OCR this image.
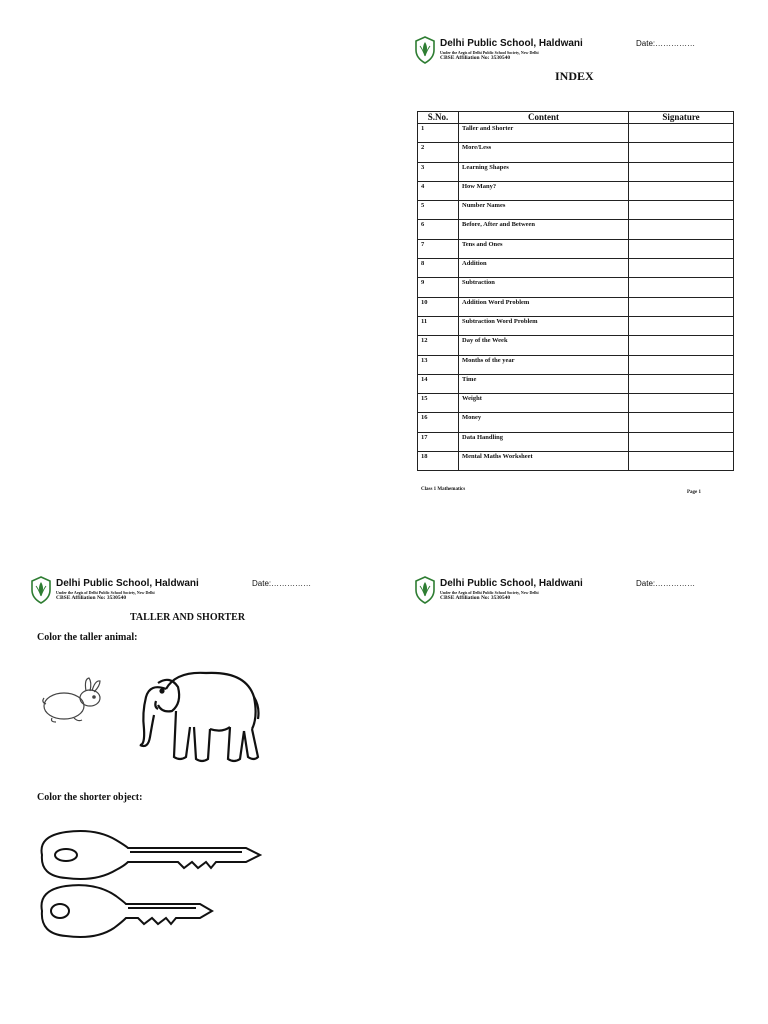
Delhi Public School, Haldwani
Under the Aegis of Delhi Public School Society, New Delhi
CBSE Affiliation No: 3530540
Date:……………
INDEX
S.No.	Content	Signature
1	Taller and Shorter	
2	More/Less	
3	Learning Shapes	
4	How Many?	
5	Number Names	
6	Before, After and Between	
7	Tens and Ones	
8	Addition	
9	Subtraction	
10	Addition Word Problem	
11	Subtraction Word Problem	
12	Day of the Week	
13	Months of the year	
14	Time	
15	Weight	
16	Money	
17	Data Handling	
18	Mental Maths Worksheet	
Class 1 Mathematics
Page 1
Delhi Public School, Haldwani
Under the Aegis of Delhi Public School Society, New Delhi
CBSE Affiliation No: 3530540
Date:……………
TALLER AND SHORTER
Color the taller animal:
Color the shorter object:
Delhi Public School, Haldwani
Under the Aegis of Delhi Public School Society, New Delhi
CBSE Affiliation No: 3530540
Date:……………
